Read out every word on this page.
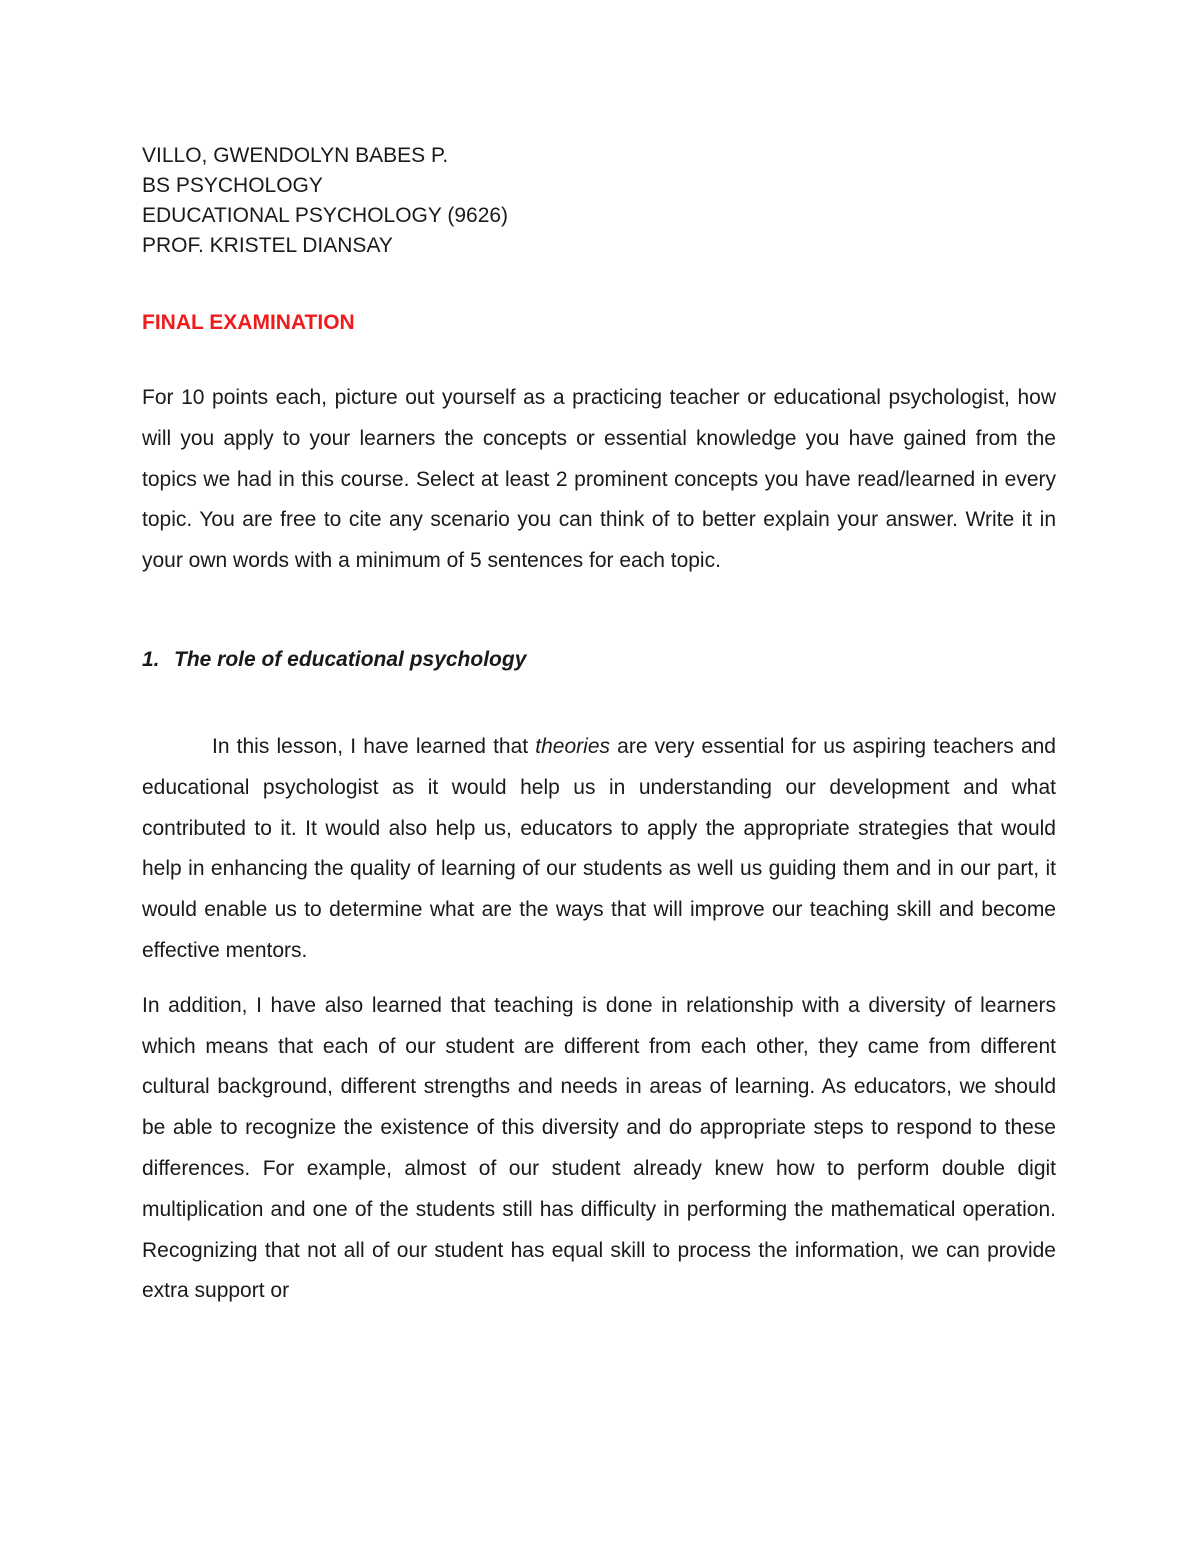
VILLO, GWENDOLYN BABES P.

BS PSYCHOLOGY

EDUCATIONAL PSYCHOLOGY (9626)

PROF. KRISTEL DIANSAY

FINAL EXAMINATION

For 10 points each, picture out yourself as a practicing teacher or educational psychologist, how will you apply to your learners the concepts or essential knowledge you have gained from the topics we had in this course. Select at least 2 prominent concepts you have read/learned in every topic. You are free to cite any scenario you can think of to better explain your answer. Write it in your own words with a minimum of 5 sentences for each topic.

1. The role of educational psychology

In this lesson, I have learned that theories are very essential for us aspiring teachers and educational psychologist as it would help us in understanding our development and what contributed to it. It would also help us, educators to apply the appropriate strategies that would help in enhancing the quality of learning of our students as well us guiding them and in our part, it would enable us to determine what are the ways that will improve our teaching skill and become effective mentors.

In addition, I have also learned that teaching is done in relationship with a diversity of learners which means that each of our student are different from each other, they came from different cultural background, different strengths and needs in areas of learning. As educators, we should be able to recognize the existence of this diversity and do appropriate steps to respond to these differences. For example, almost of our student already knew how to perform double digit multiplication and one of the students still has difficulty in performing the mathematical operation. Recognizing that not all of our student has equal skill to process the information, we can provide extra support or
